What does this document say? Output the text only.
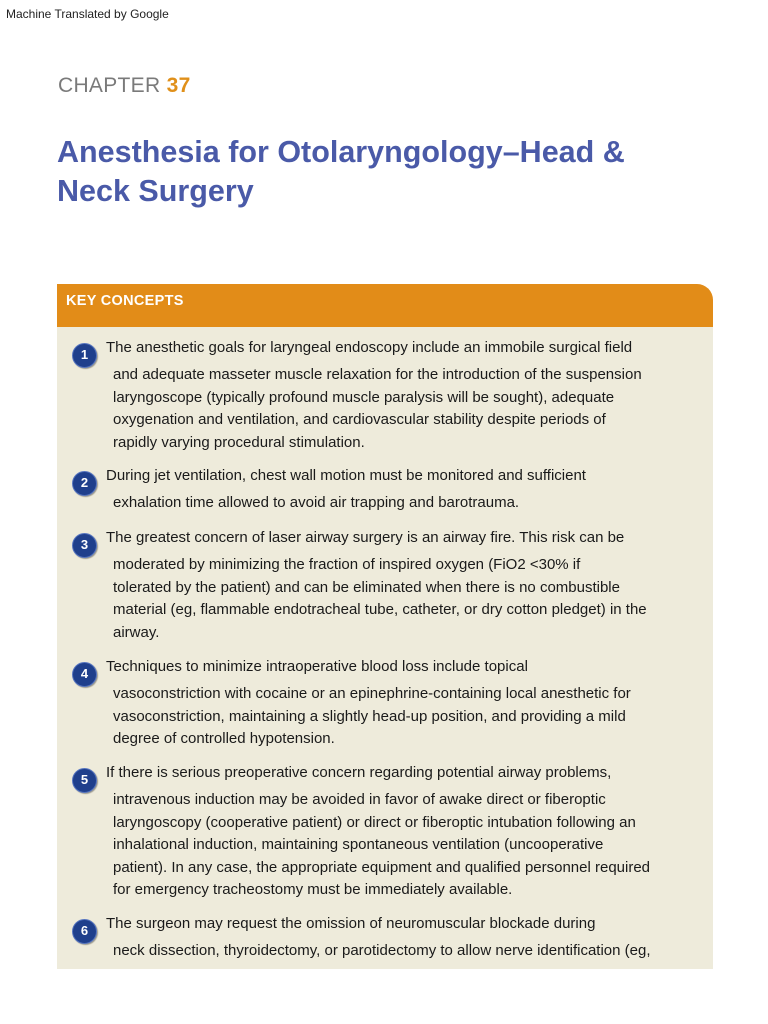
Machine Translated by Google
CHAPTER 37
Anesthesia for Otolaryngology–Head &
Neck Surgery
KEY CONCEPTS
1	The anesthetic goals for laryngeal endoscopy include an immobile surgical field
and adequate masseter muscle relaxation for the introduction of the suspension
laryngoscope (typically profound muscle paralysis will be sought), adequate
oxygenation and ventilation, and cardiovascular stability despite periods of
rapidly varying procedural stimulation.
2	During jet ventilation, chest wall motion must be monitored and sufficient
exhalation time allowed to avoid air trapping and barotrauma.
3	The greatest concern of laser airway surgery is an airway fire. This risk can be
moderated by minimizing the fraction of inspired oxygen (FiO2 <30% if
tolerated by the patient) and can be eliminated when there is no combustible
material (eg, flammable endotracheal tube, catheter, or dry cotton pledget) in the
airway.
4	Techniques to minimize intraoperative blood loss include topical
vasoconstriction with cocaine or an epinephrine-containing local anesthetic for
vasoconstriction, maintaining a slightly head-up position, and providing a mild
degree of controlled hypotension.
5	If there is serious preoperative concern regarding potential airway problems,
intravenous induction may be avoided in favor of awake direct or fiberoptic
laryngoscopy (cooperative patient) or direct or fiberoptic intubation following an
inhalational induction, maintaining spontaneous ventilation (uncooperative
patient). In any case, the appropriate equipment and qualified personnel required
for emergency tracheostomy must be immediately available.
6	The surgeon may request the omission of neuromuscular blockade during
neck dissection, thyroidectomy, or parotidectomy to allow nerve identification (eg,
